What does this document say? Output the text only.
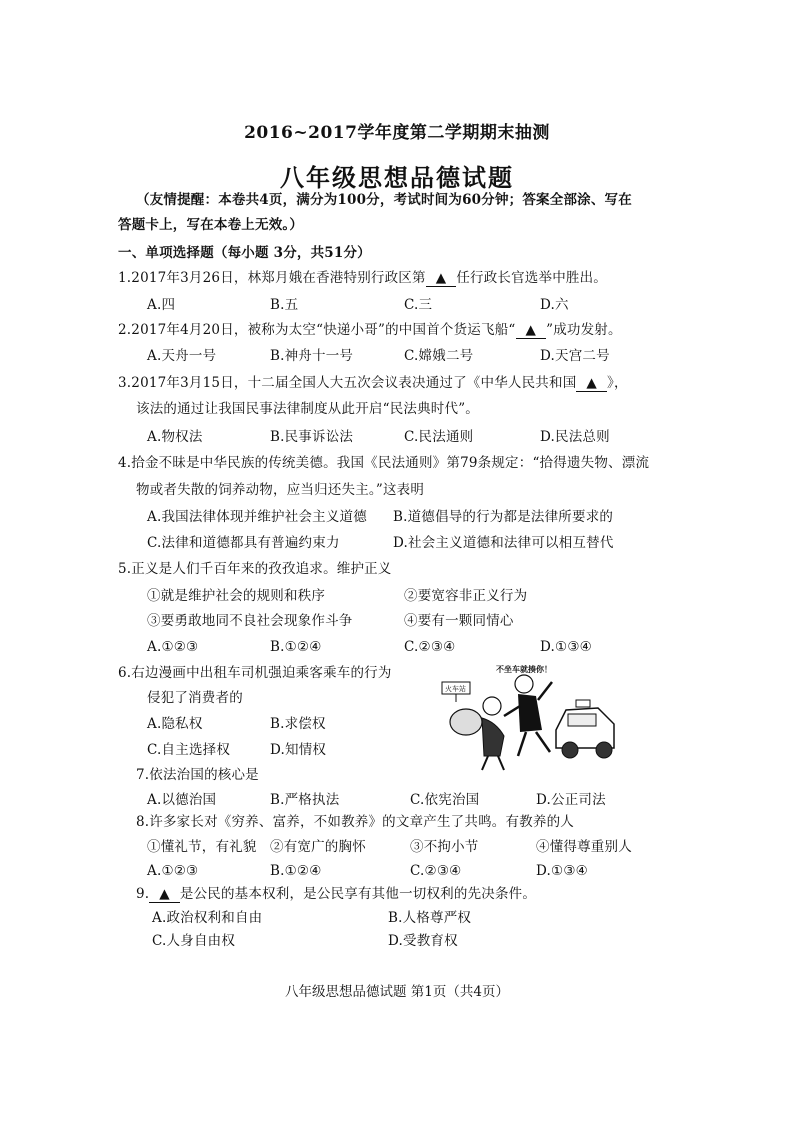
2016~2017学年度第二学期期末抽测
八年级思想品德试题
（友情提醒：本卷共4页，满分为100分，考试时间为60分钟；答案全部涂、写在
答题卡上，写在本卷上无效。）
一、单项选择题（每小题 3分，共51分）
1.2017年3月26日，林郑月娥在香港特别行政区第 ▲ 任行政长官选举中胜出。
A.四	B.五	C.三	D.六
2.2017年4月20日，被称为太空“快递小哥”的中国首个货运飞船“ ▲ ”成功发射。
A.天舟一号	B.神舟十一号	C.嫦娥二号	D.天宫二号
3.2017年3月15日，十二届全国人大五次会议表决通过了《中华人民共和国 ▲ 》，
该法的通过让我国民事法律制度从此开启“民法典时代”。
A.物权法	B.民事诉讼法	C.民法通则	D.民法总则
4.拾金不昧是中华民族的传统美德。我国《民法通则》第79条规定：“拾得遗失物、漂流
物或者失散的饲养动物，应当归还失主。”这表明
A.我国法律体现并维护社会主义道德 B.道德倡导的行为都是法律所要求的
C.法律和道德都具有普遍约束力	D.社会主义道德和法律可以相互替代
5.正义是人们千百年来的孜孜追求。维护正义
①就是维护社会的规则和秩序	②要宽容非正义行为
③要勇敢地同不良社会现象作斗争	④要有一颗同情心
A.①②③	B.①②④	C.②③④	D.①③④
6.右边漫画中出租车司机强迫乘客乘车的行为
侵犯了消费者的
A.隐私权	B.求偿权
C.自主选择权	D.知情权
不坐车就揍你！
火车站
7.依法治国的核心是
A.以德治国	B.严格执法	C.依宪治国	D.公正司法
8.许多家长对《穷养、富养，不如教养》的文章产生了共鸣。有教养的人
①懂礼节，有礼貌 ②有宽广的胸怀	③不拘小节	④懂得尊重别人
A.①②③	B.①②④	C.②③④	D.①③④
9. ▲ 是公民的基本权利，是公民享有其他一切权利的先决条件。
A.政治权利和自由	B.人格尊严权
C.人身自由权	D.受教育权
八年级思想品德试题 第1页（共4页）
